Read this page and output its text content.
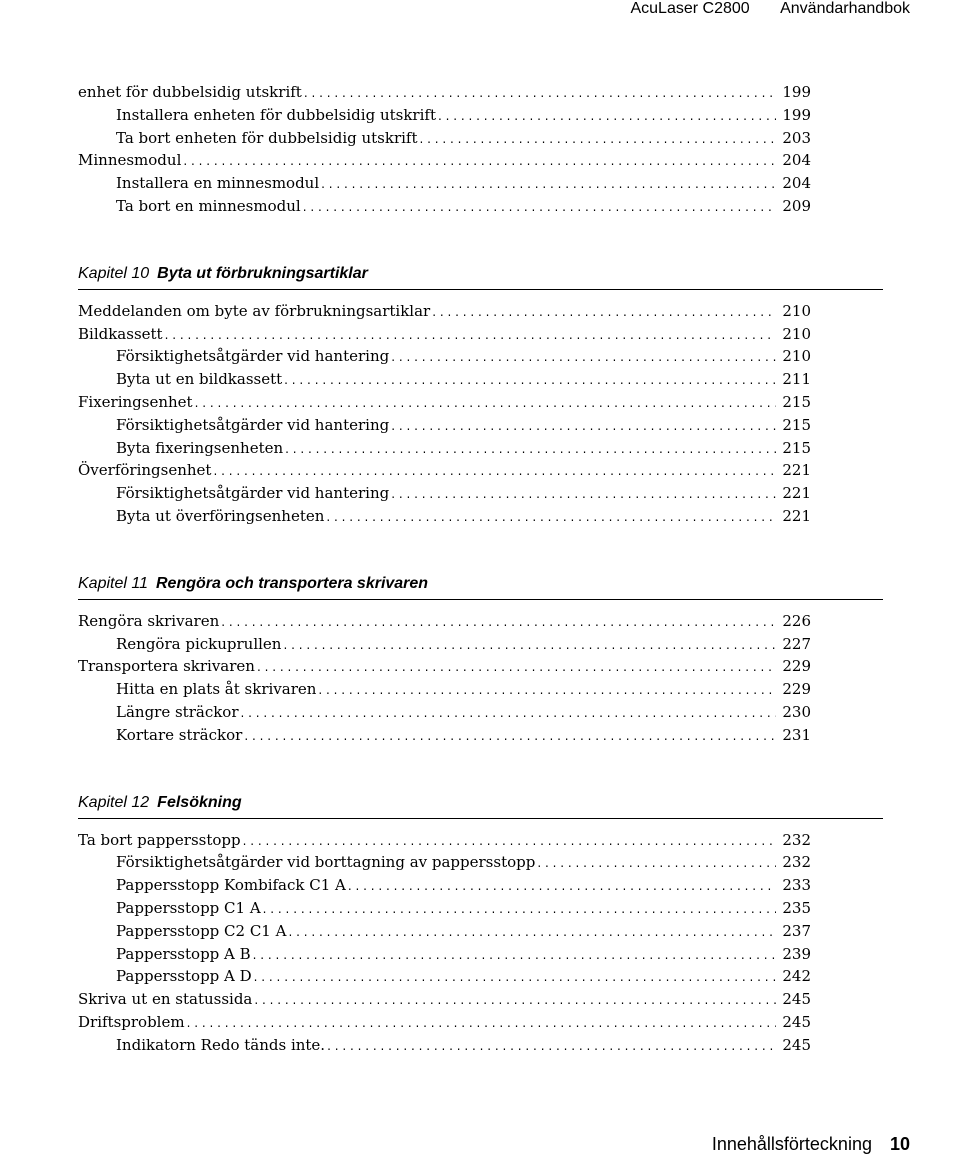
AcuLaser C2800 Användarhandbok
enhet för dubbelsidig utskrift . . .	199
Installera enheten för dubbelsidig utskrift . . .	199
Ta bort enheten för dubbelsidig utskrift . . .	203
Minnesmodul . . .	204
Installera en minnesmodul . . .	204
Ta bort en minnesmodul . . .	209
Kapitel 10 Byta ut förbrukningsartiklar
Meddelanden om byte av förbrukningsartiklar . . .	210
Bildkassett . . .	210
Försiktighetsåtgärder vid hantering . . .	210
Byta ut en bildkassett . . .	211
Fixeringsenhet . . .	215
Försiktighetsåtgärder vid hantering . . .	215
Byta fixeringsenheten . . .	215
Överföringsenhet . . .	221
Försiktighetsåtgärder vid hantering . . .	221
Byta ut överföringsenheten . . .	221
Kapitel 11 Rengöra och transportera skrivaren
Rengöra skrivaren . . .	226
Rengöra pickuprullen . . .	227
Transportera skrivaren . . .	229
Hitta en plats åt skrivaren . . .	229
Längre sträckor . . .	230
Kortare sträckor . . .	231
Kapitel 12 Felsökning
Ta bort pappersstopp . . .	232
Försiktighetsåtgärder vid borttagning av pappersstopp . . .	232
Pappersstopp Kombifack C1 A . . .	233
Pappersstopp C1 A . . .	235
Pappersstopp C2 C1 A . . .	237
Pappersstopp A B . . .	239
Pappersstopp A D . . .	242
Skriva ut en statussida . . .	245
Driftsproblem . . .	245
Indikatorn Redo tänds inte. . . .	245
Innehållsförteckning 10
